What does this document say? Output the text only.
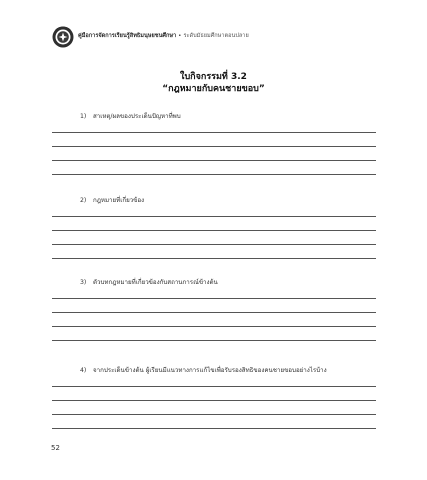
คู่มือการจัดการเรียนรู้สิทธิมนุษยชนศึกษา • ระดับมัธยมศึกษาตอนปลาย
ใบกิจกรรมที่ 3.2
“กฎหมายกับคนชายขอบ”
1) สาเหตุ/ผลของประเด็นปัญหาที่พบ
2) กฎหมายที่เกี่ยวข้อง
3) ตัวบทกฎหมายที่เกี่ยวข้องกับสถานการณ์ข้างต้น
4) จากประเด็นข้างต้น ผู้เรียนมีแนวทางการแก้ไขเพื่อรับรองสิทธิของคนชายขอบอย่างไรบ้าง
52
